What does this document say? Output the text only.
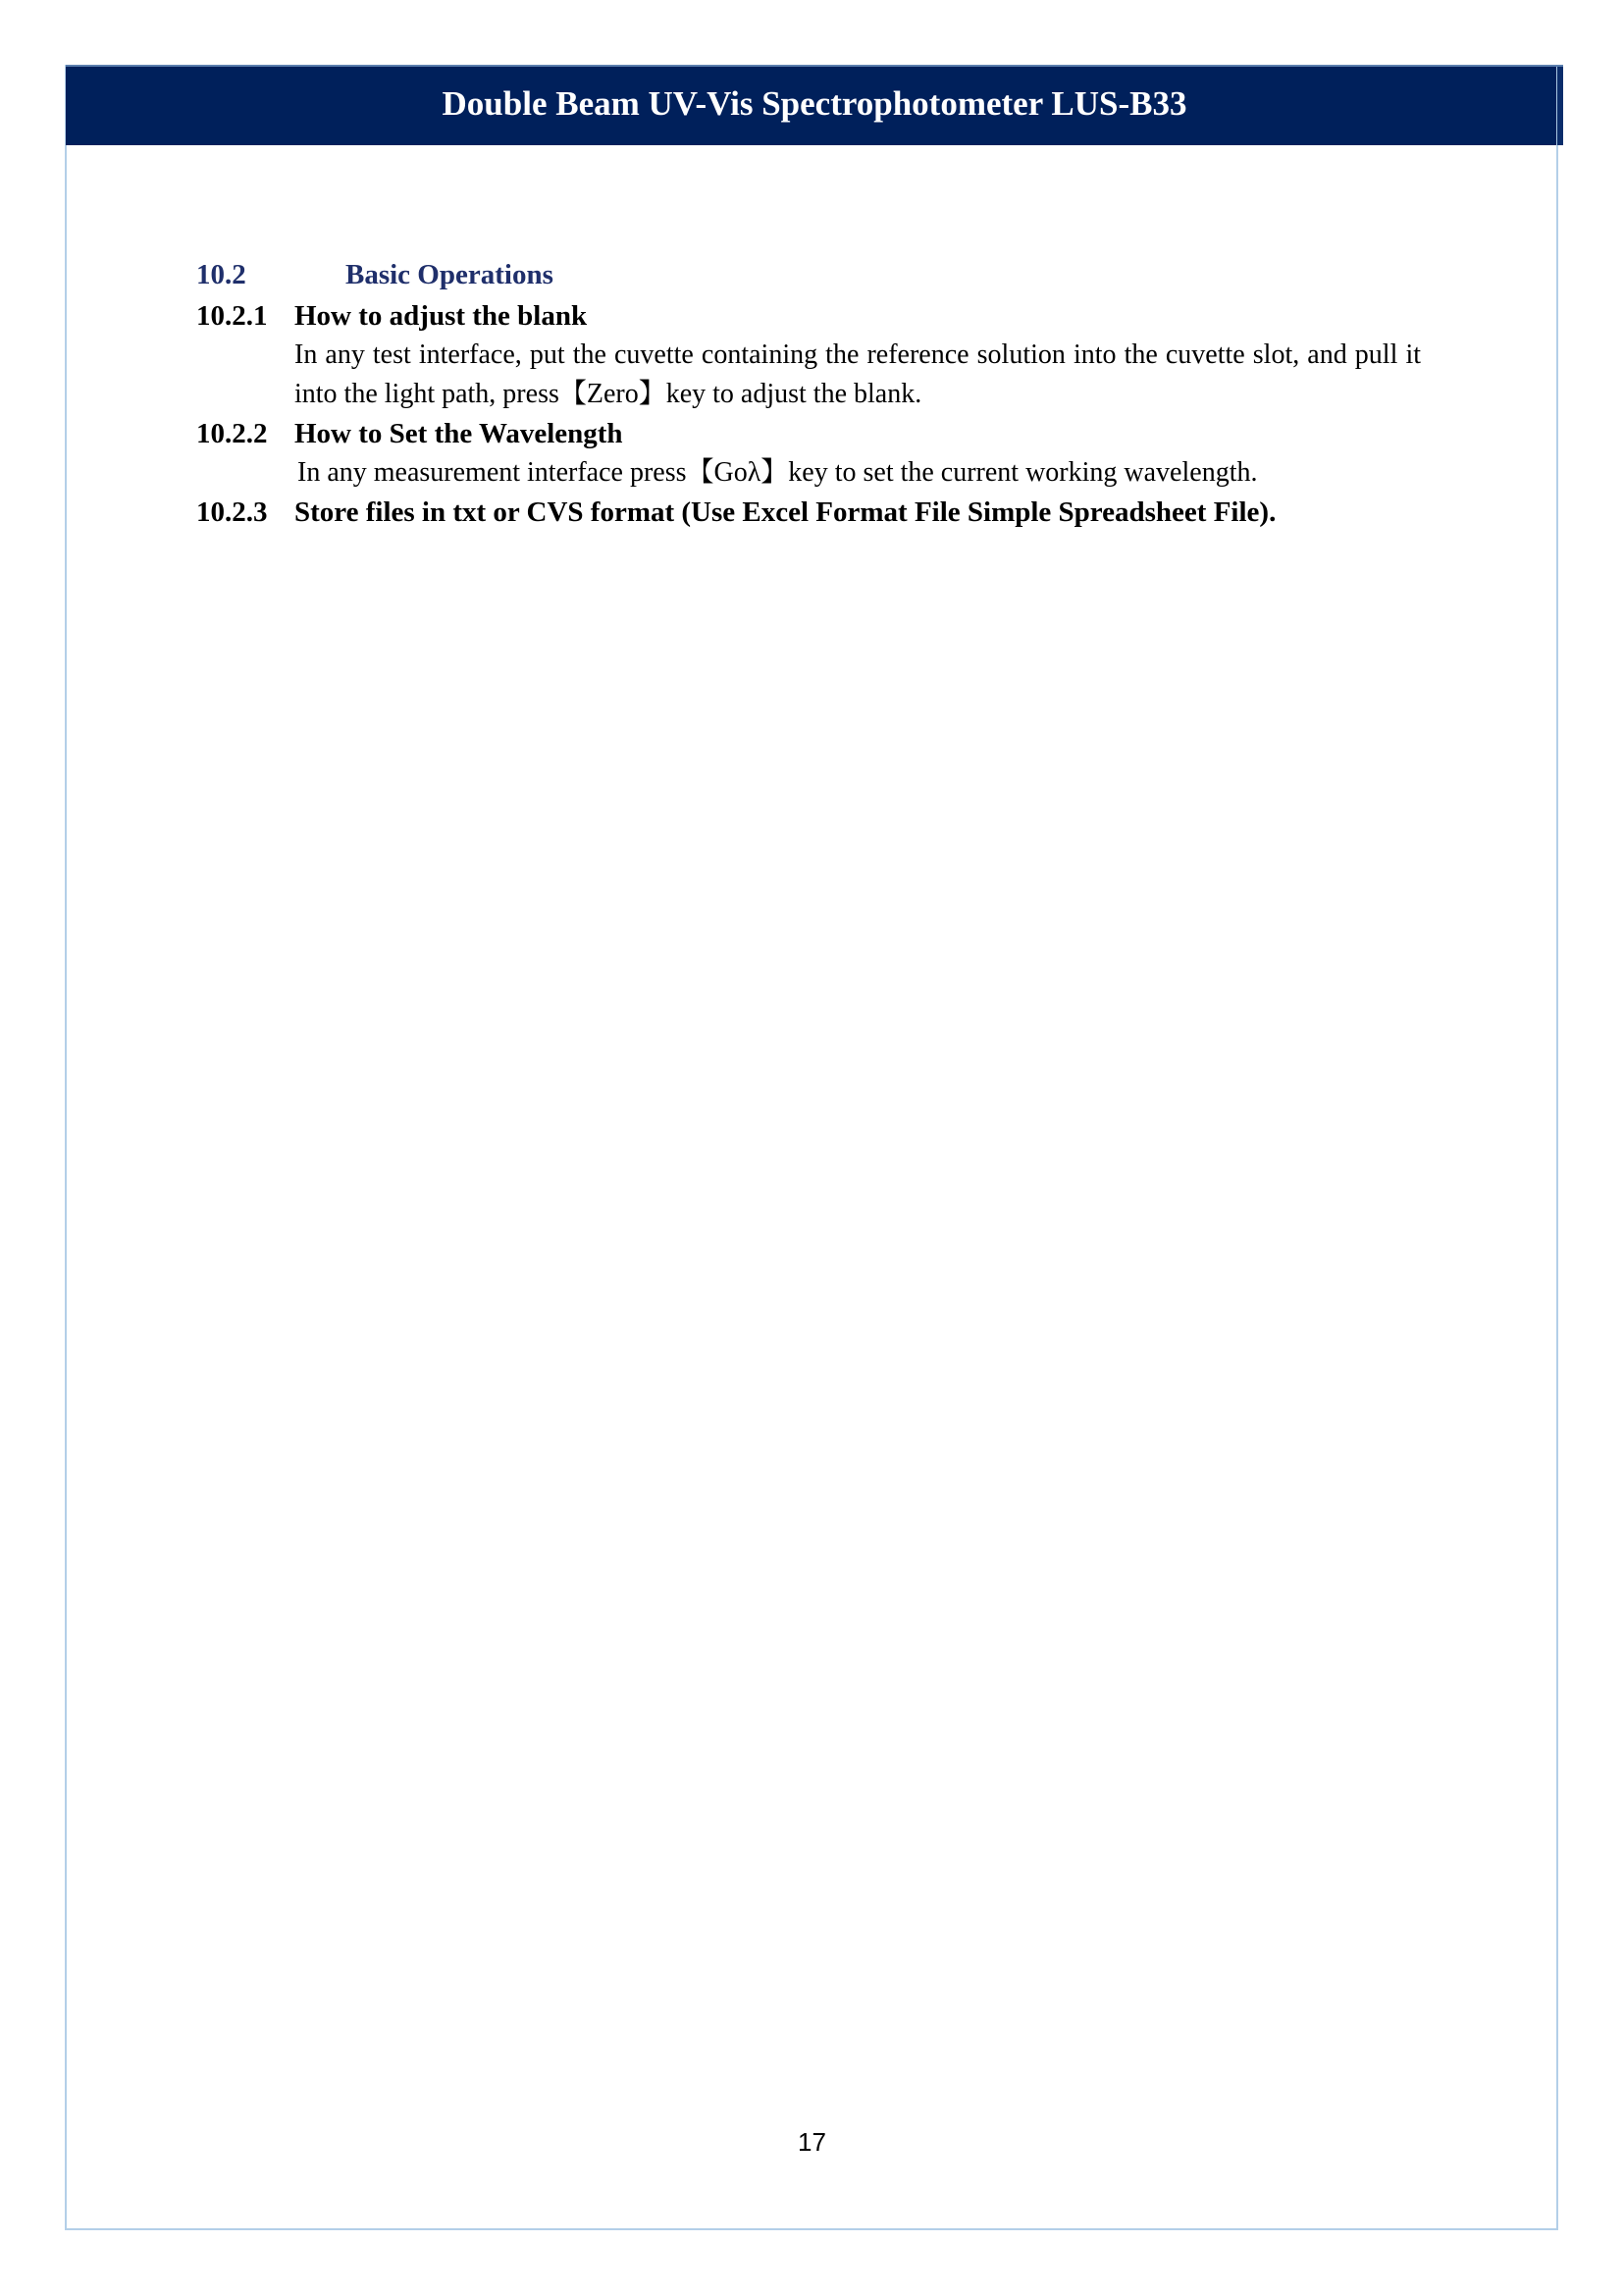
Double Beam UV-Vis Spectrophotometer LUS-B33
10.2	Basic Operations
10.2.1 How to adjust the blank
In any test interface, put the cuvette containing the reference solution into the cuvette slot, and pull it into the light path, press【Zero】key to adjust the blank.
10.2.2 How to Set the Wavelength
In any measurement interface press【Goλ】key to set the current working wavelength.
10.2.3 Store files in txt or CVS format (Use Excel Format File Simple Spreadsheet File).
17
